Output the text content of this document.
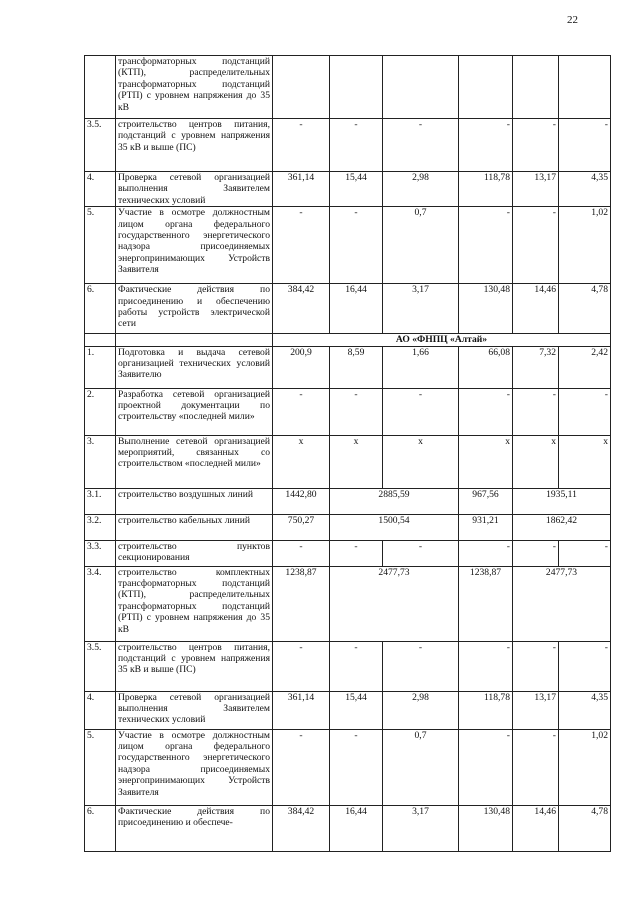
22
	трансформаторных подстанций (КТП), распределительных трансформаторных подстанций (РТП) с уровнем напряжения до 35 кВ						
3.5.	строительство центров питания, подстанций с уровнем напряжения 35 кВ и выше (ПС)	-	-	-	-	-	-
4.	Проверка сетевой организацией выполнения Заявителем технических условий	361,14	15,44	2,98	118,78	13,17	4,35
5.	Участие в осмотре должностным лицом органа федерального государственного энергетического надзора присоединяемых энергопринимающих Устройств Заявителя	-	-	0,7	-	-	1,02
6.	Фактические действия по присоединению и обеспечению работы устройств электрической сети	384,42	16,44	3,17	130,48	14,46	4,78
		АО «ФНПЦ «Алтай»					
1.	Подготовка и выдача сетевой организацией технических условий Заявителю	200,9	8,59	1,66	66,08	7,32	2,42
2.	Разработка сетевой организацией проектной документации по строительству «последней мили»	-	-	-	-	-	-
3.	Выполнение сетевой организацией мероприятий, связанных со строительством «последней мили»	х	х	х	х	х	х
3.1.	строительство воздушных линий	1442,80	2885,59		967,56	1935,11	
3.2.	строительство кабельных линий	750,27	1500,54		931,21	1862,42	
3.3.	строительство пунктов секционирования	-	-	-	-	-	-
3.4.	строительство комплектных трансформаторных подстанций (КТП), распределительных трансформаторных подстанций (РТП) с уровнем напряжения до 35 кВ	1238,87	2477,73		1238,87	2477,73	
3.5.	строительство центров питания, подстанций с уровнем напряжения 35 кВ и выше (ПС)	-	-	-	-	-	-
4.	Проверка сетевой организацией выполнения Заявителем технических условий	361,14	15,44	2,98	118,78	13,17	4,35
5.	Участие в осмотре должностным лицом органа федерального государственного энергетического надзора присоединяемых энергопринимающих Устройств Заявителя	-	-	0,7	-	-	1,02
6.	Фактические действия по присоединению и обеспече-	384,42	16,44	3,17	130,48	14,46	4,78
